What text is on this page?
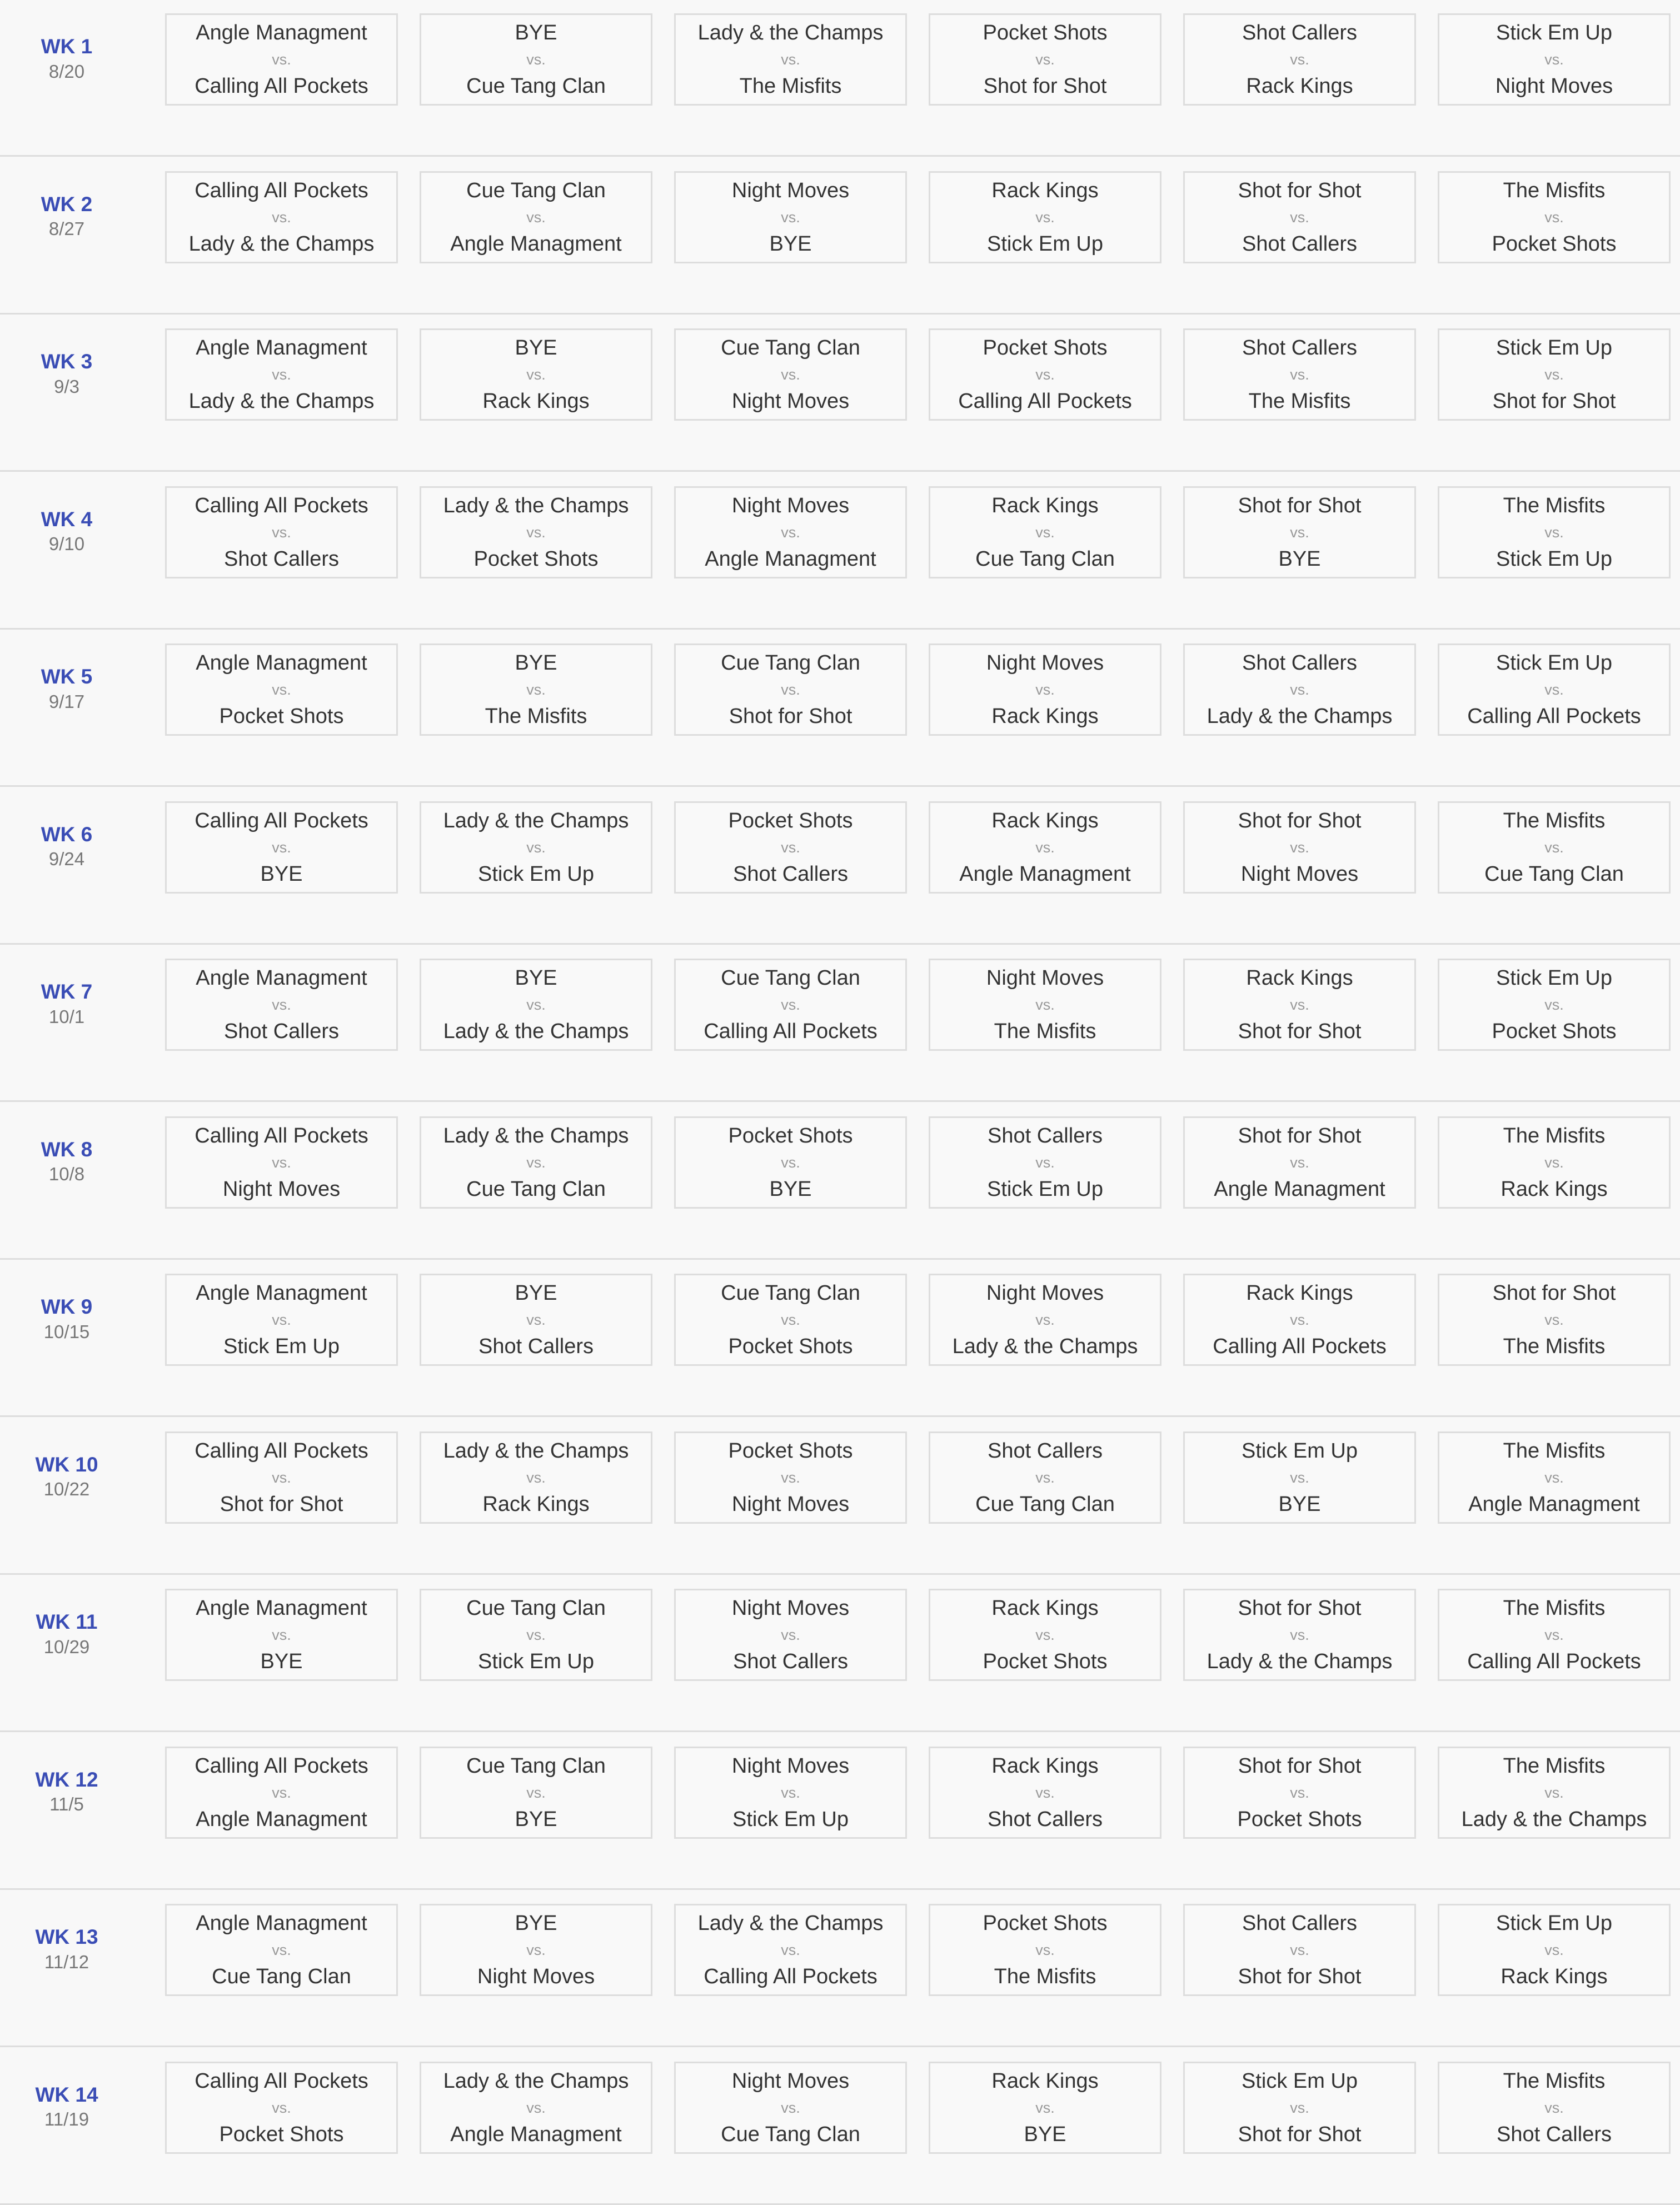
WK 1
8/20
Angle Managment
vs.
Calling All Pockets
BYE
vs.
Cue Tang Clan
Lady & the Champs
vs.
The Misfits
Pocket Shots
vs.
Shot for Shot
Shot Callers
vs.
Rack Kings
Stick Em Up
vs.
Night Moves
WK 2
8/27
Calling All Pockets
vs.
Lady & the Champs
Cue Tang Clan
vs.
Angle Managment
Night Moves
vs.
BYE
Rack Kings
vs.
Stick Em Up
Shot for Shot
vs.
Shot Callers
The Misfits
vs.
Pocket Shots
WK 3
9/3
Angle Managment
vs.
Lady & the Champs
BYE
vs.
Rack Kings
Cue Tang Clan
vs.
Night Moves
Pocket Shots
vs.
Calling All Pockets
Shot Callers
vs.
The Misfits
Stick Em Up
vs.
Shot for Shot
WK 4
9/10
Calling All Pockets
vs.
Shot Callers
Lady & the Champs
vs.
Pocket Shots
Night Moves
vs.
Angle Managment
Rack Kings
vs.
Cue Tang Clan
Shot for Shot
vs.
BYE
The Misfits
vs.
Stick Em Up
WK 5
9/17
Angle Managment
vs.
Pocket Shots
BYE
vs.
The Misfits
Cue Tang Clan
vs.
Shot for Shot
Night Moves
vs.
Rack Kings
Shot Callers
vs.
Lady & the Champs
Stick Em Up
vs.
Calling All Pockets
WK 6
9/24
Calling All Pockets
vs.
BYE
Lady & the Champs
vs.
Stick Em Up
Pocket Shots
vs.
Shot Callers
Rack Kings
vs.
Angle Managment
Shot for Shot
vs.
Night Moves
The Misfits
vs.
Cue Tang Clan
WK 7
10/1
Angle Managment
vs.
Shot Callers
BYE
vs.
Lady & the Champs
Cue Tang Clan
vs.
Calling All Pockets
Night Moves
vs.
The Misfits
Rack Kings
vs.
Shot for Shot
Stick Em Up
vs.
Pocket Shots
WK 8
10/8
Calling All Pockets
vs.
Night Moves
Lady & the Champs
vs.
Cue Tang Clan
Pocket Shots
vs.
BYE
Shot Callers
vs.
Stick Em Up
Shot for Shot
vs.
Angle Managment
The Misfits
vs.
Rack Kings
WK 9
10/15
Angle Managment
vs.
Stick Em Up
BYE
vs.
Shot Callers
Cue Tang Clan
vs.
Pocket Shots
Night Moves
vs.
Lady & the Champs
Rack Kings
vs.
Calling All Pockets
Shot for Shot
vs.
The Misfits
WK 10
10/22
Calling All Pockets
vs.
Shot for Shot
Lady & the Champs
vs.
Rack Kings
Pocket Shots
vs.
Night Moves
Shot Callers
vs.
Cue Tang Clan
Stick Em Up
vs.
BYE
The Misfits
vs.
Angle Managment
WK 11
10/29
Angle Managment
vs.
BYE
Cue Tang Clan
vs.
Stick Em Up
Night Moves
vs.
Shot Callers
Rack Kings
vs.
Pocket Shots
Shot for Shot
vs.
Lady & the Champs
The Misfits
vs.
Calling All Pockets
WK 12
11/5
Calling All Pockets
vs.
Angle Managment
Cue Tang Clan
vs.
BYE
Night Moves
vs.
Stick Em Up
Rack Kings
vs.
Shot Callers
Shot for Shot
vs.
Pocket Shots
The Misfits
vs.
Lady & the Champs
WK 13
11/12
Angle Managment
vs.
Cue Tang Clan
BYE
vs.
Night Moves
Lady & the Champs
vs.
Calling All Pockets
Pocket Shots
vs.
The Misfits
Shot Callers
vs.
Shot for Shot
Stick Em Up
vs.
Rack Kings
WK 14
11/19
Calling All Pockets
vs.
Pocket Shots
Lady & the Champs
vs.
Angle Managment
Night Moves
vs.
Cue Tang Clan
Rack Kings
vs.
BYE
Stick Em Up
vs.
Shot for Shot
The Misfits
vs.
Shot Callers
